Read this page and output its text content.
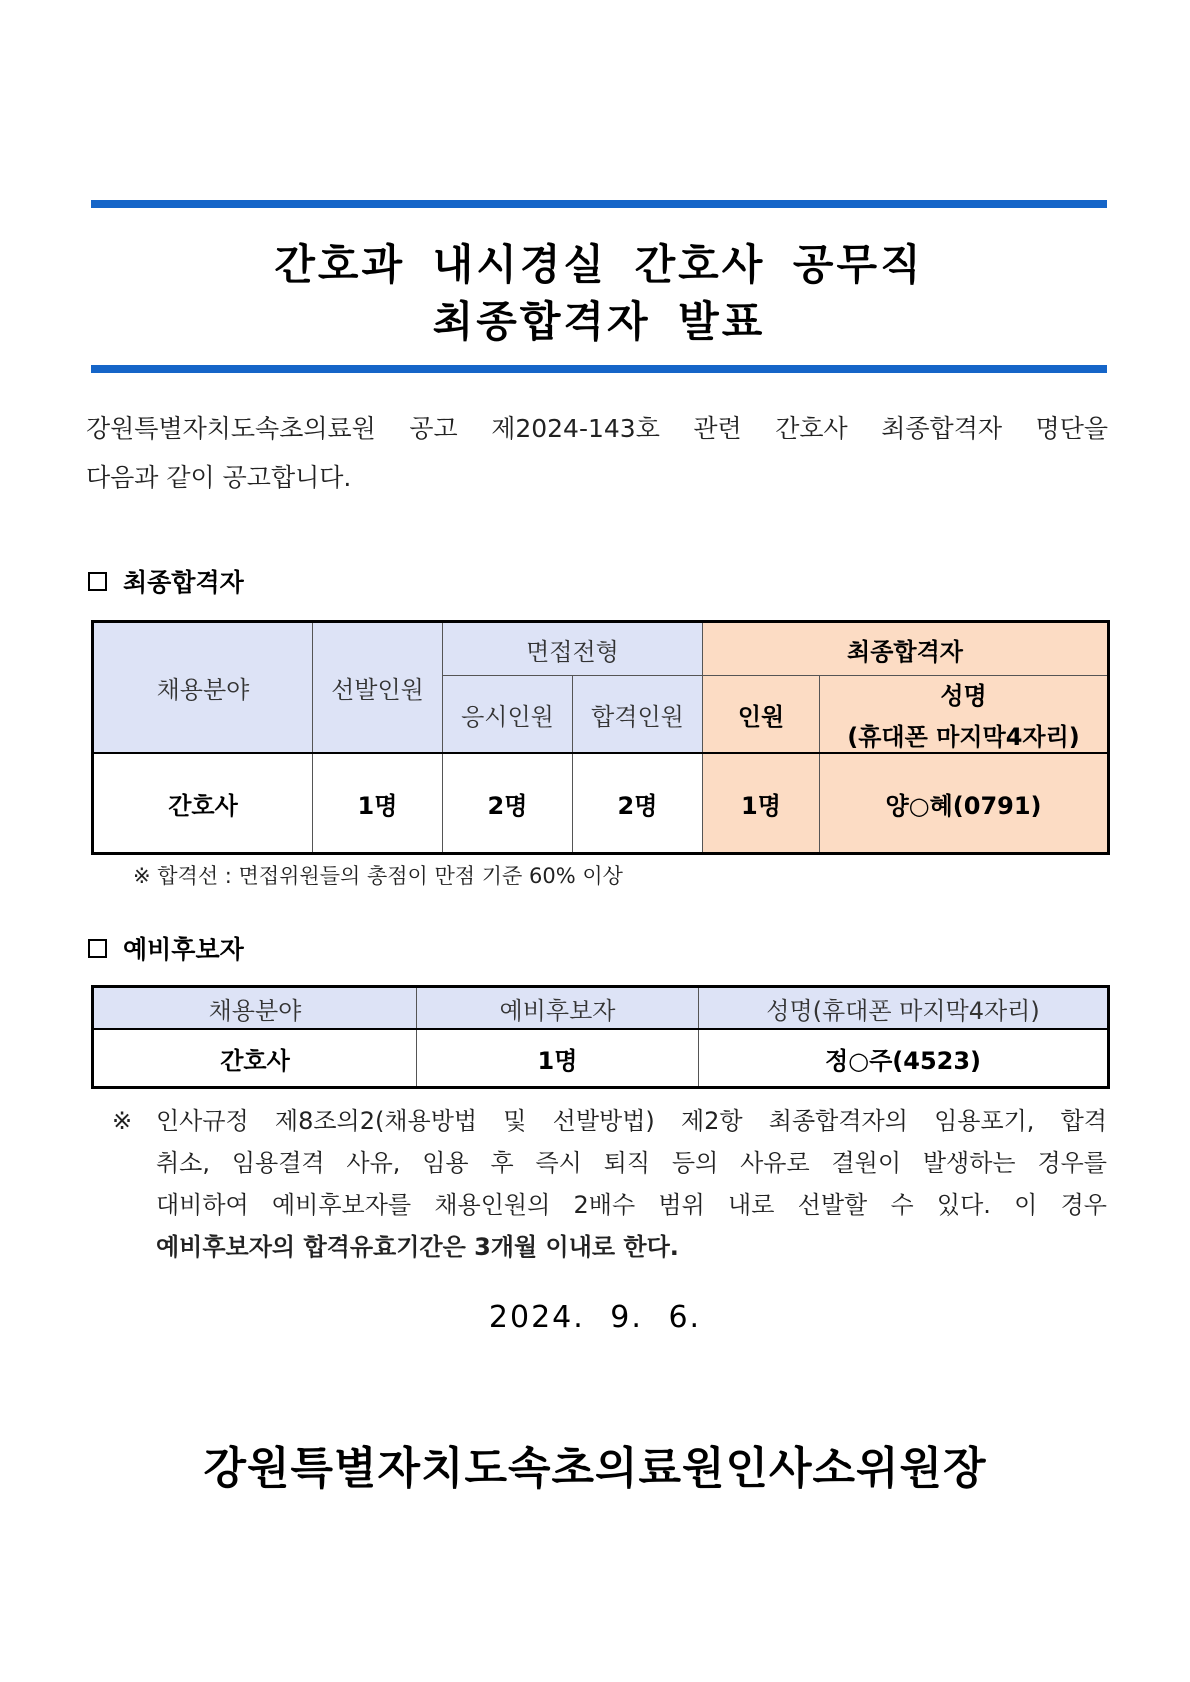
간호과 내시경실 간호사 공무직
최종합격자 발표
강원특별자치도속초의료원 공고 제2024-143호 관련 간호사 최종합격자 명단을
다음과 같이 공고합니다.
최종합격자
채용분야	선발인원	면접전형		최종합격자	
		응시인원	합격인원	인원	성명
(휴대폰 마지막4자리)

간호사	1명	2명	2명	1명	양○혜(0791)
※ 합격선 : 면접위원들의 총점이 만점 기준 60% 이상
예비후보자
채용분야	예비후보자	성명(휴대폰 마지막4자리)
간호사	1명	정○주(4523)
※ 인사규정 제8조의2(채용방법 및 선발방법) 제2항 최종합격자의 임용포기, 합격
취소, 임용결격 사유, 임용 후 즉시 퇴직 등의 사유로 결원이 발생하는 경우를
대비하여 예비후보자를 채용인원의 2배수 범위 내로 선발할 수 있다. 이 경우
예비후보자의 합격유효기간은 3개월 이내로 한다.
2024. 9. 6.
강원특별자치도속초의료원인사소위원장
